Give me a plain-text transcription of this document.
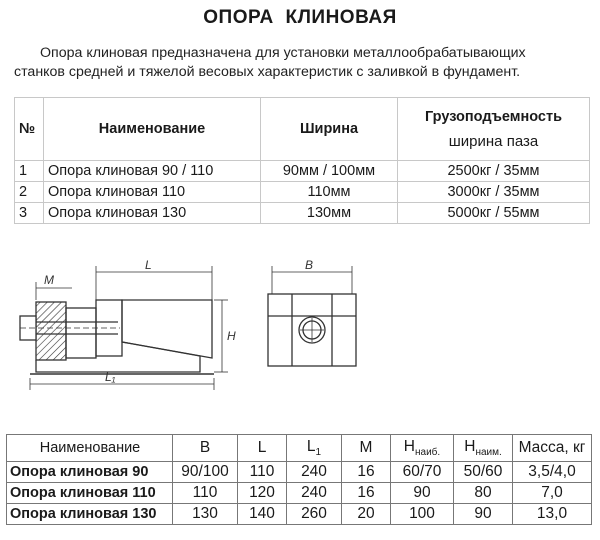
ОПОРА КЛИНОВАЯ
Опора клиновая предназначена для установки металлообрабатывающих
станков средней и тяжелой весовых характеристик с заливкой в фундамент.
№	Наименование	Ширина	Грузоподъемность
ширина паза

1	Опора клиновая 90 / 110	90мм / 100мм	2500кг / 35мм
2	Опора клиновая 110	110мм	3000кг / 35мм
3	Опора клиновая 130	130мм	5000кг / 55мм
L
M
H
L₁
B
Наименование	B	L	$L_1$	M	$H_{наиб.}$	$H_{наим.}$	Масса, кг
Опора клиновая 90	90/100	110	240	16	60/70	50/60	3,5/4,0
Опора клиновая 110	110	120	240	16	90	80	7,0
Опора клиновая 130	130	140	260	20	100	90	13,0
